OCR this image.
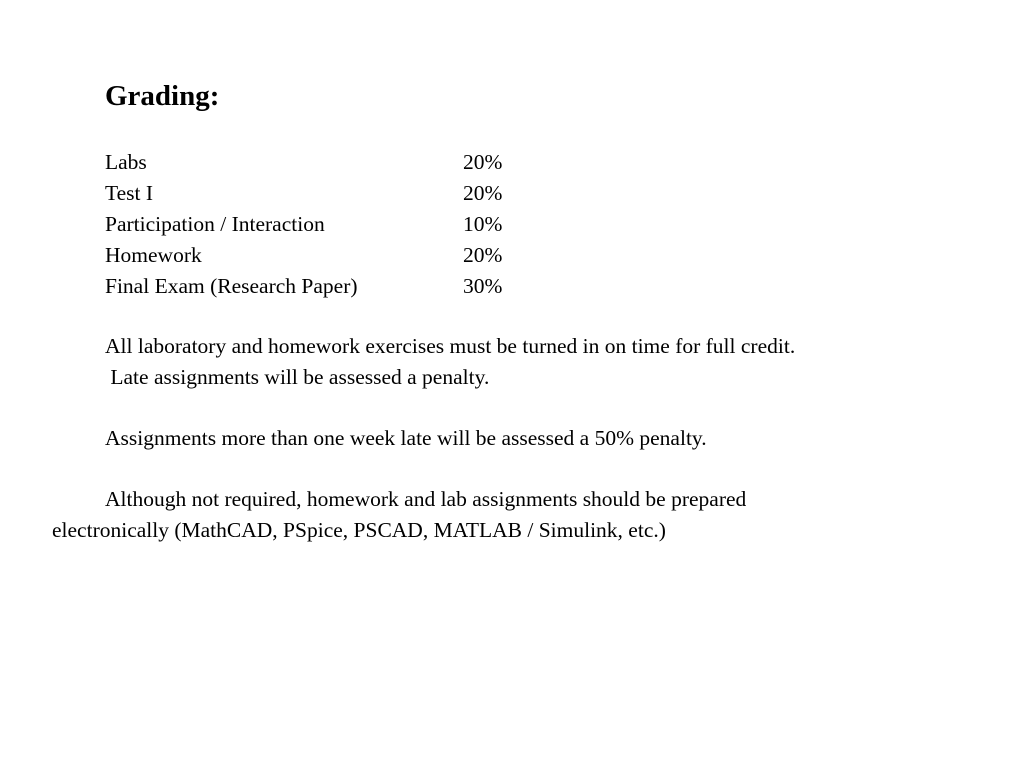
Grading:
Labs	20%
Test I	20%
Participation / Interaction	10%
Homework	20%
Final Exam (Research Paper)	30%
All laboratory and homework exercises must be turned in on time for full credit.
Late assignments will be assessed a penalty.
Assignments more than one week late will be assessed a 50% penalty.
Although not required, homework and lab assignments should be prepared
electronically (MathCAD, PSpice, PSCAD, MATLAB / Simulink, etc.)
